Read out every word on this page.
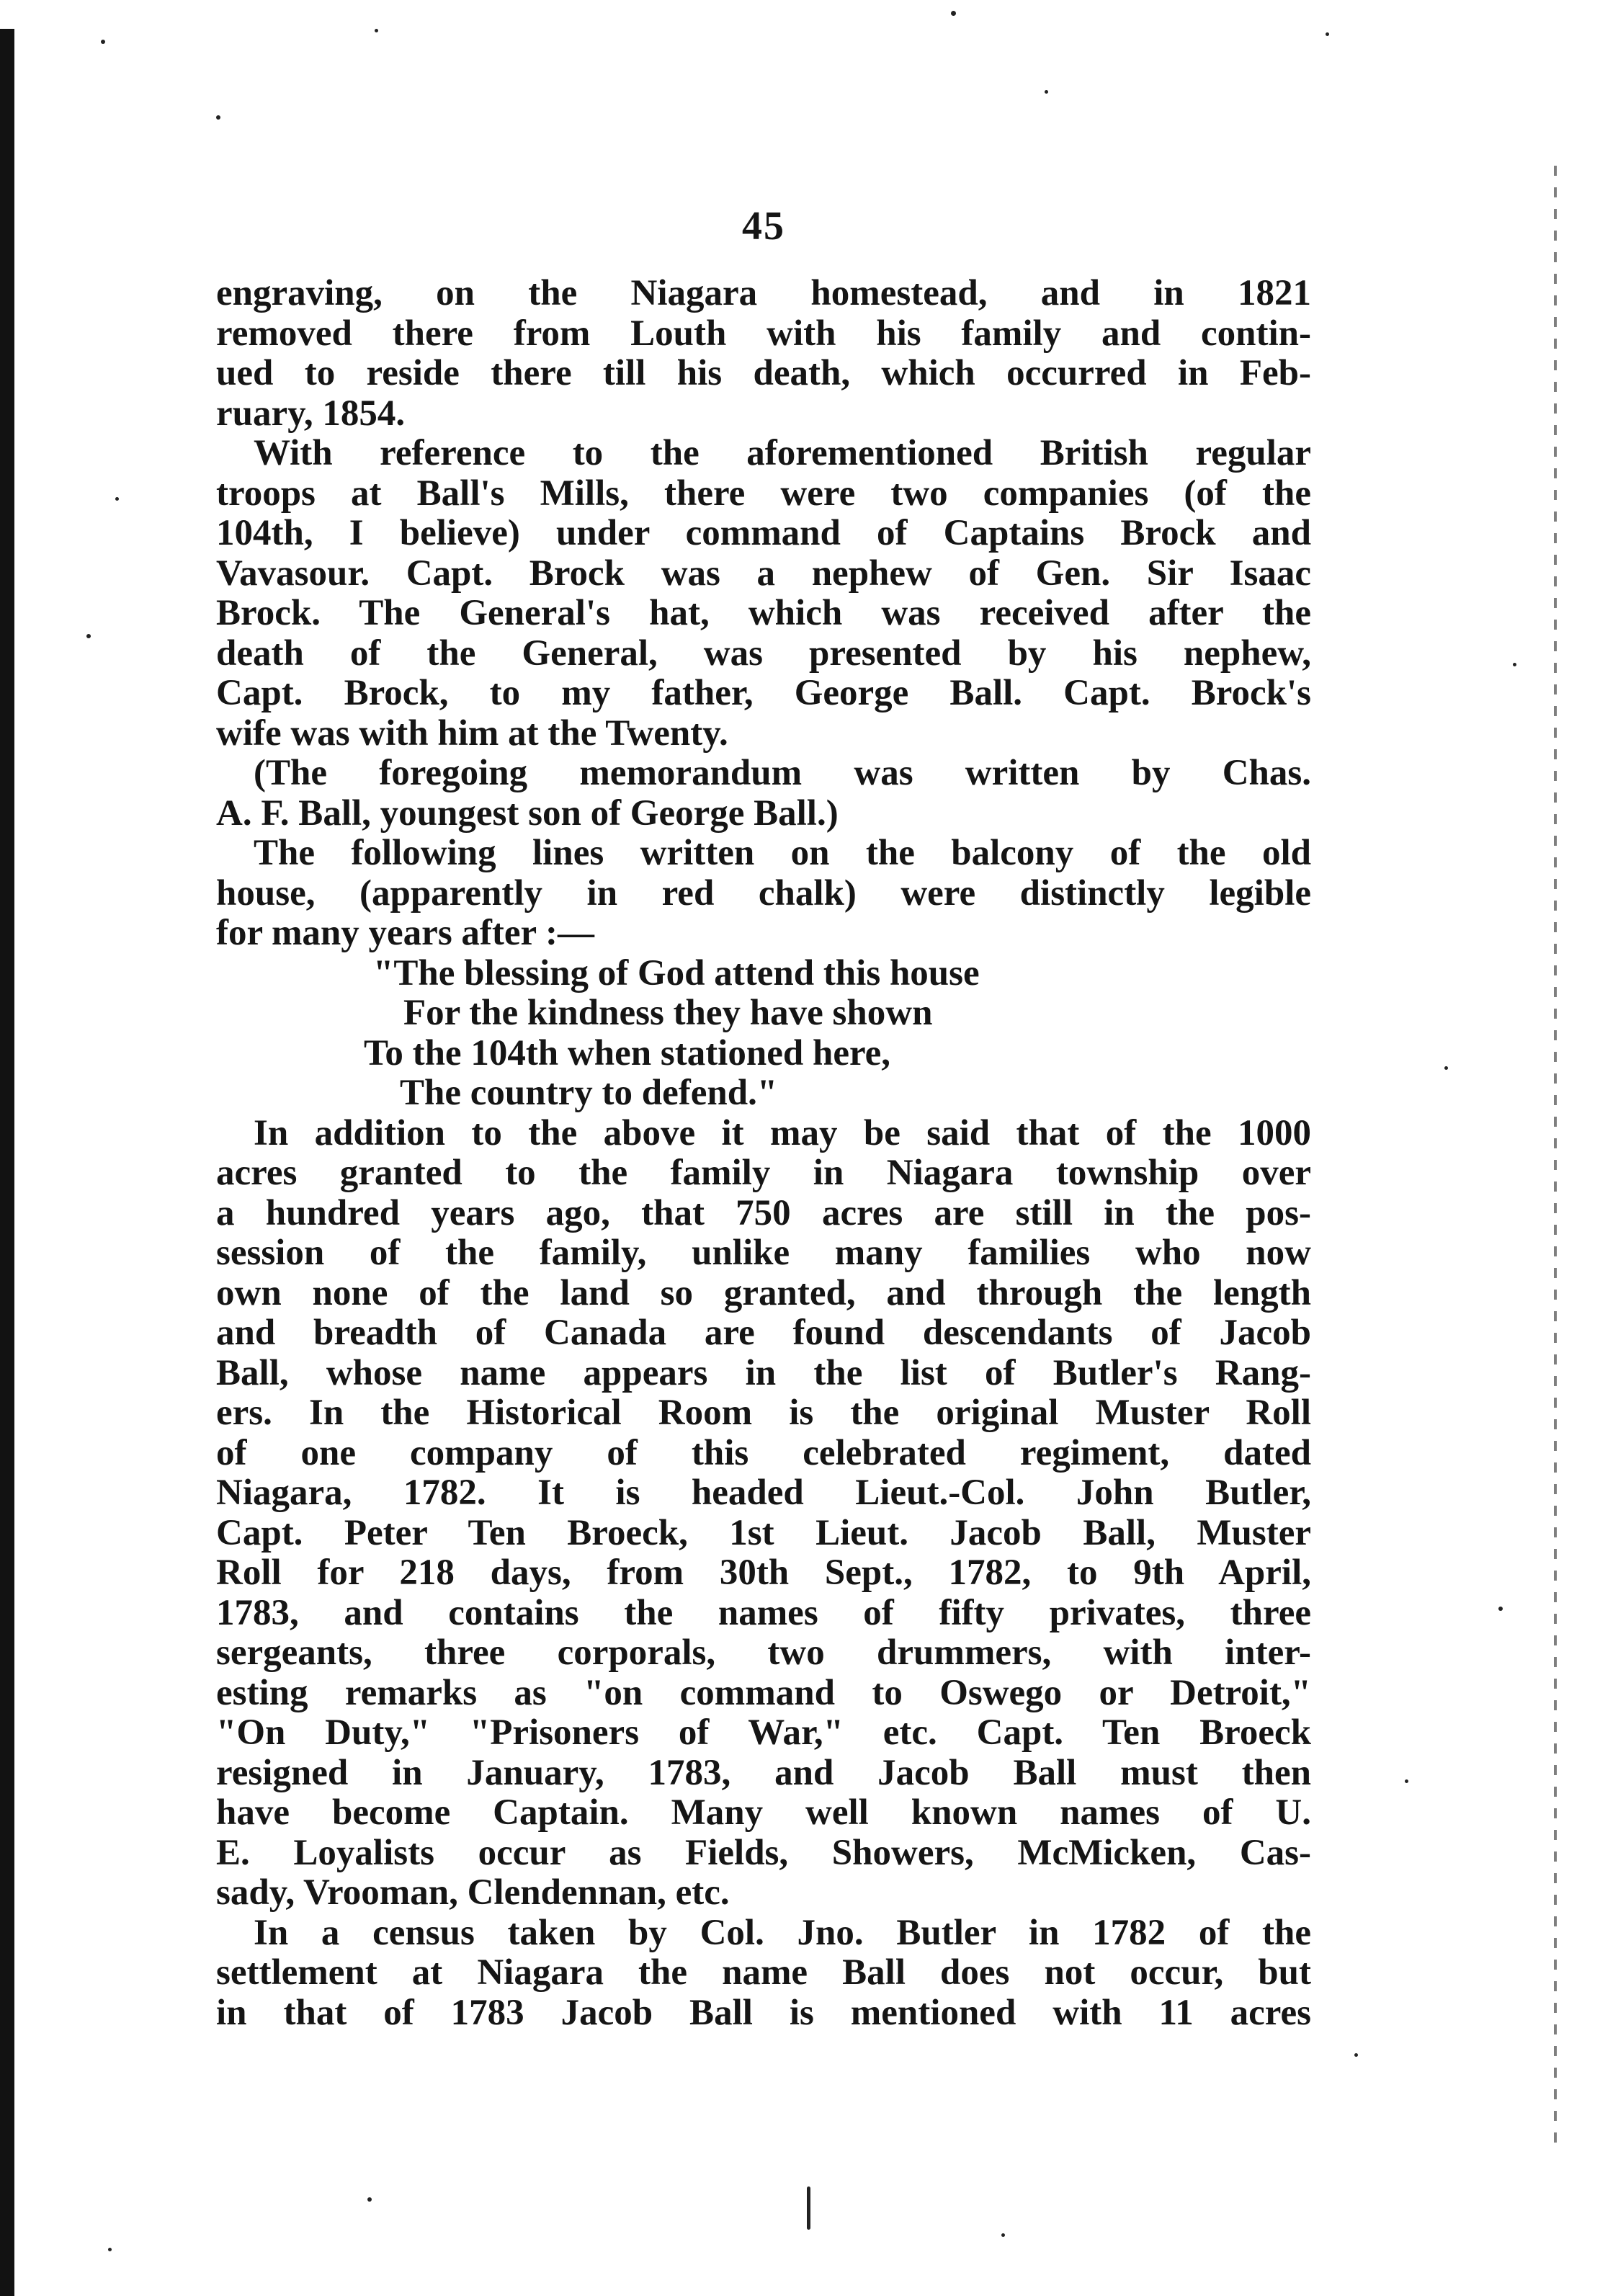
45
engraving, on the Niagara homestead, and in 1821
removed there from Louth with his family and contin-
ued to reside there till his death, which occurred in Feb-
ruary, 1854.
With reference to the aforementioned British regular
troops at Ball's Mills, there were two companies (of the
104th, I believe) under command of Captains Brock and
Vavasour. Capt. Brock was a nephew of Gen. Sir Isaac
Brock. The General's hat, which was received after the
death of the General, was presented by his nephew,
Capt. Brock, to my father, George Ball. Capt. Brock's
wife was with him at the Twenty.
(The foregoing memorandum was written by Chas.
A. F. Ball, youngest son of George Ball.)
The following lines written on the balcony of the old
house, (apparently in red chalk) were distinctly legible
for many years after :—
"The blessing of God attend this house
For the kindness they have shown
To the 104th when stationed here,
The country to defend."
In addition to the above it may be said that of the 1000
acres granted to the family in Niagara township over
a hundred years ago, that 750 acres are still in the pos-
session of the family, unlike many families who now
own none of the land so granted, and through the length
and breadth of Canada are found descendants of Jacob
Ball, whose name appears in the list of Butler's Rang-
ers. In the Historical Room is the original Muster Roll
of one company of this celebrated regiment, dated
Niagara, 1782. It is headed Lieut.-Col. John Butler,
Capt. Peter Ten Broeck, 1st Lieut. Jacob Ball, Muster
Roll for 218 days, from 30th Sept., 1782, to 9th April,
1783, and contains the names of fifty privates, three
sergeants, three corporals, two drummers, with inter-
esting remarks as "on command to Oswego or Detroit,"
"On Duty," "Prisoners of War," etc. Capt. Ten Broeck
resigned in January, 1783, and Jacob Ball must then
have become Captain. Many well known names of U.
E. Loyalists occur as Fields, Showers, McMicken, Cas-
sady, Vrooman, Clendennan, etc.
In a census taken by Col. Jno. Butler in 1782 of the
settlement at Niagara the name Ball does not occur, but
in that of 1783 Jacob Ball is mentioned with 11 acres
